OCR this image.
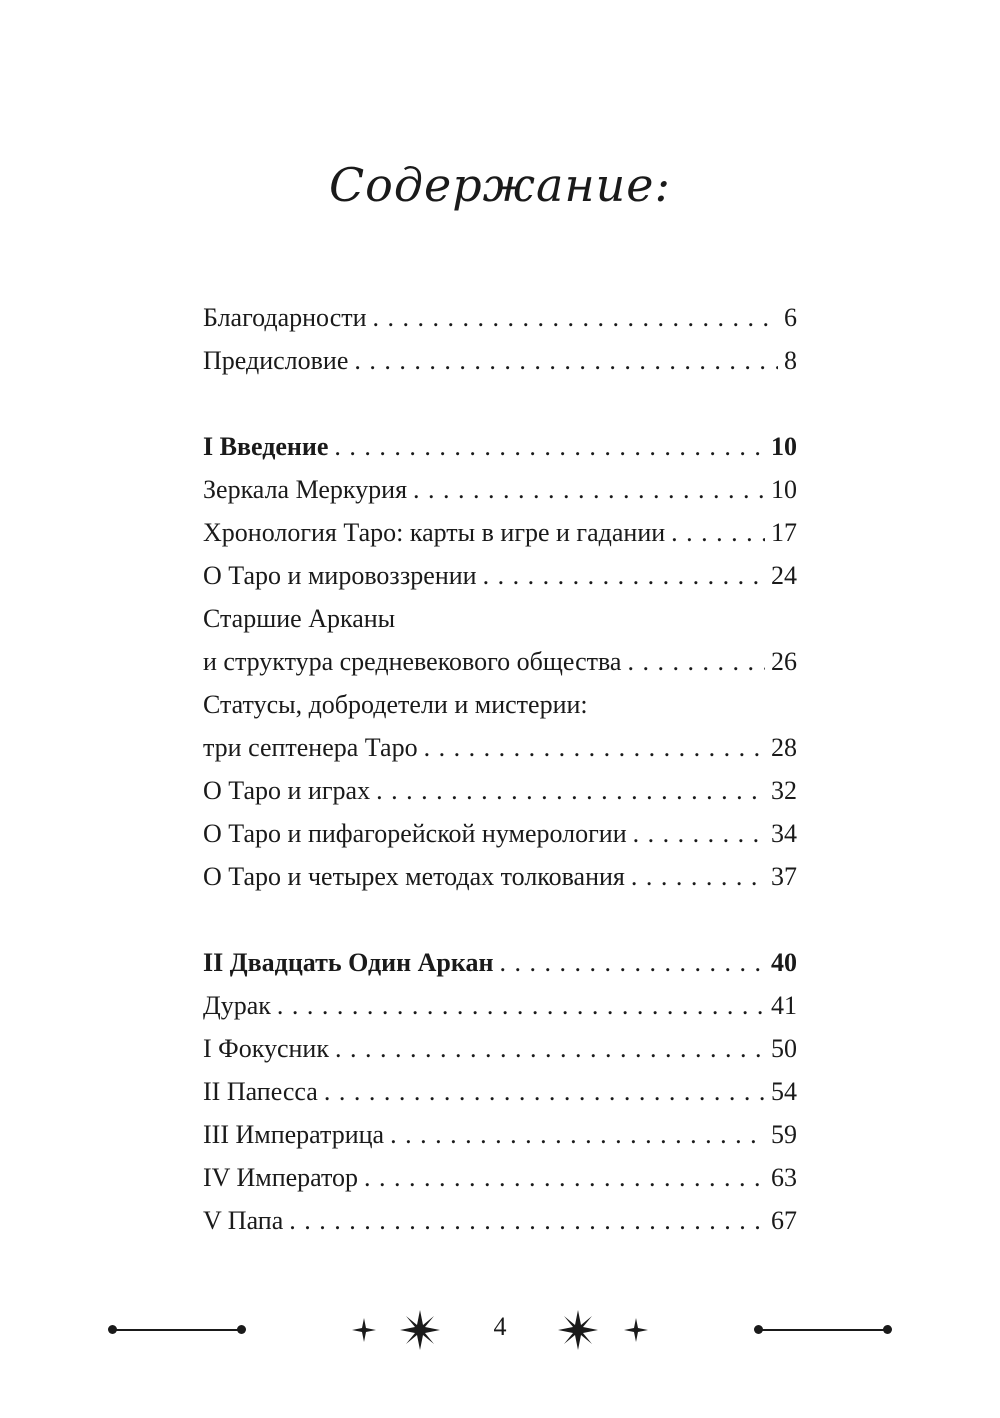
Содержание:
Благодарности . . .	6
Предисловие . . .	8
I Введение . . .	10
Зеркала Меркурия . . .	10
Хронология Таро: карты в игре и гадании . . .	17
О Таро и мировоззрении . . .	24
Старшие Арканы
и структура средневекового общества . . .	26
Статусы, добродетели и мистерии:
три септенера Таро . . .	28
О Таро и играх . . .	32
О Таро и пифагорейской нумерологии . . .	34
О Таро и четырех методах толкования . . .	37
II Двадцать Один Аркан . . .	40
Дурак . . .	41
I Фокусник . . .	50
II Папесса . . .	54
III Императрица . . .	59
IV Император . . .	63
V Папа . . .	67
4
